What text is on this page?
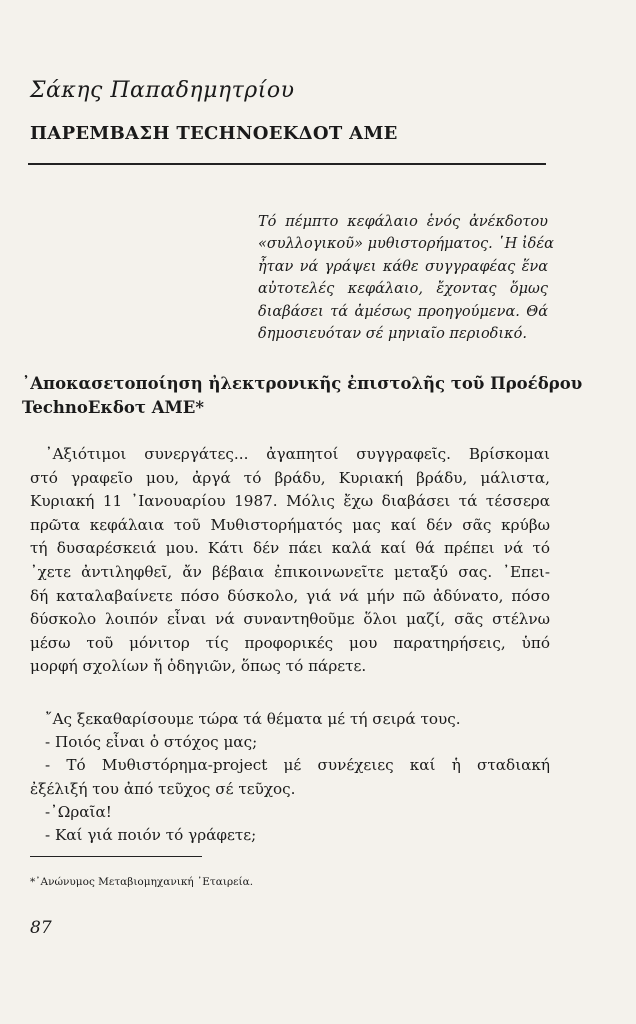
Σάκης Παπαδημητρίου
ΠΑΡΕΜΒΑΣΗ TECHNOEKΔOT AME
Τό πέμπτο κεφάλαιο ἑνός ἀνέκδοτου
«συλλογικοῦ» μυθιστορήματος. ῾Η ἰδέα
ἦταν νά γράψει κάθε συγγραφέας ἕνα
αὐτοτελές κεφάλαιο, ἔχοντας ὅμως
διαβάσει τά ἀμέσως προηγούμενα. Θά
δημοσιευόταν σέ μηνιαῖο περιοδικό.
᾿Αποκασετοποίηση ἠλεκτρονικῆς ἐπιστολῆς τοῦ Προέδρου
TechnoEκδοτ AME*
᾿Αξιότιμοι συνεργάτες... ἀγαπητοί συγγραφεῖς. Βρίσκομαι
στό γραφεῖο μου, ἀργά τό βράδυ, Κυριακή βράδυ, μάλιστα,
Κυριακή 11 ᾿Ιανουαρίου 1987. Μόλις ἔχω διαβάσει τά τέσσερα
πρῶτα κεφάλαια τοῦ Μυθιστορήματός μας καί δέν σᾶς κρύβω
τή δυσαρέσκειά μου. Κάτι δέν πάει καλά καί θά πρέπει νά τό
᾿χετε ἀντιληφθεῖ, ἄν βέβαια ἐπικοινωνεῖτε μεταξύ σας. ᾿Επει-
δή καταλαβαίνετε πόσο δύσκολο, γιά νά μήν πῶ ἀδύνατο, πόσο
δύσκολο λοιπόν εἶναι νά συναντηθοῦμε ὅλοι μαζί, σᾶς στέλνω
μέσω τοῦ μόνιτορ τίς προφορικές μου παρατηρήσεις, ὑπό
μορφή σχολίων ἤ ὁδηγιῶν, ὅπως τό πάρετε.
῎Ας ξεκαθαρίσουμε τώρα τά θέματα μέ τή σειρά τους.
- Ποιός εἶναι ὁ στόχος μας;
- Τό Μυθιστόρημα-project μέ συνέχειες καί ἡ σταδιακή
ἐξέλιξή του ἀπό τεῦχος σέ τεῦχος.
-᾿Ωραῖα!
- Καί γιά ποιόν τό γράφετε;
*᾿Ανώνυμος Μεταβιομηχανική ᾿Εταιρεία.
87
